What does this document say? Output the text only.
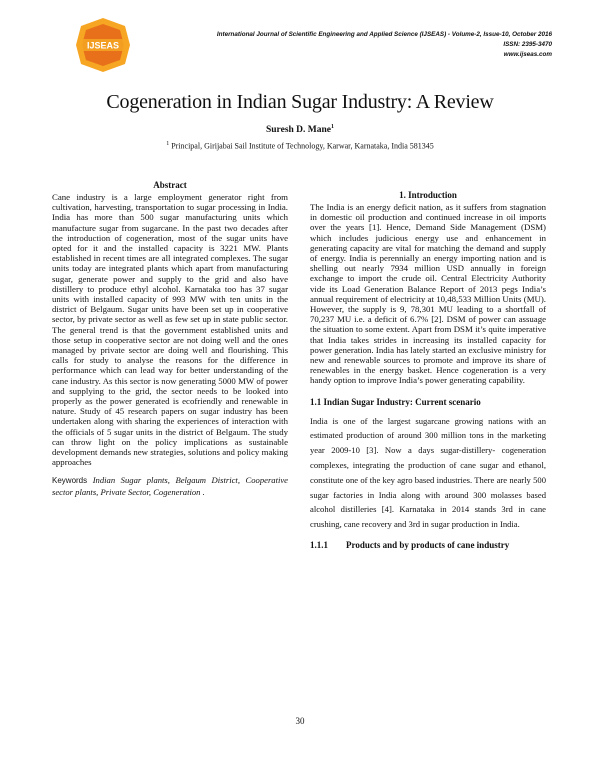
IJSEAS
International Journal of Scientific Engineering and Applied Science (IJSEAS) - Volume-2, Issue-10, October 2016
ISSN: 2395-3470
www.ijseas.com
Cogeneration in Indian Sugar Industry: A Review
Suresh D. Mane$^1$
$^1$ Principal, Girijabai Sail Institute of Technology, Karwar, Karnataka, India 581345
Abstract

Cane industry is a large employment generator right from cultivation, harvesting, transportation to sugar processing in India. India has more than 500 sugar manufacturing units which manufacture sugar from sugarcane. In the past two decades after the introduction of cogeneration, most of the sugar units have opted for it and the installed capacity is 3221 MW. Plants established in recent times are all integrated complexes. The sugar units today are integrated plants which apart from manufacturing sugar, generate power and supply to the grid and also have distillery to produce ethyl alcohol. Karnataka too has 37 sugar units with installed capacity of 993 MW with ten units in the district of Belgaum. Sugar units have been set up in cooperative sector, by private sector as well as few set up in state public sector. The general trend is that the government established units and those setup in cooperative sector are not doing well and the ones managed by private sector are doing well and flourishing. This calls for study to analyse the reasons for the difference in performance which can lead way for better understanding of the cane industry. As this sector is now generating 5000 MW of power and supplying to the grid, the sector needs to be looked into properly as the power generated is ecofriendly and renewable in nature. Study of 45 research papers on sugar industry has been undertaken along with sharing the experiences of interaction with the officials of 5 sugar units in the district of Belgaum. The study can throw light on the policy implications as sustainable development demands new strategies, solutions and policy making approaches

Keywords Indian Sugar plants, Belgaum District, Cooperative sector plants, Private Sector, Cogeneration .

1. Introduction

The India is an energy deficit nation, as it suffers from stagnation in domestic oil production and continued increase in oil imports over the years [1]. Hence, Demand Side Management (DSM) which includes judicious energy use and enhancement in generating capacity are vital for matching the demand and supply of energy. India is perennially an energy importing nation and is shelling out nearly 7934 million USD annually in foreign exchange to import the crude oil. Central Electricity Authority vide its Load Generation Balance Report of 2013 pegs India’s annual requirement of electricity at 10,48,533 Million Units (MU). However, the supply is 9, 78,301 MU leading to a shortfall of 70,237 MU i.e. a deficit of 6.7% [2]. DSM of power can assuage the situation to some extent. Apart from DSM it’s quite imperative that India takes strides in increasing its installed capacity for power generation. India has lately started an exclusive ministry for new and renewable sources to promote and improve its share of renewables in the energy basket. Hence cogeneration is a very handy option to improve India’s power generating capability.

1.1 Indian Sugar Industry: Current scenario

India is one of the largest sugarcane growing nations with an estimated production of around 300 million tons in the marketing year 2009-10 [3]. Now a days sugar-distillery- cogeneration complexes, integrating the production of cane sugar and ethanol, constitute one of the key agro based industries. There are nearly 500 sugar factories in India along with around 300 molasses based alcohol distilleries [4]. Karnataka in 2014 stands 3rd in cane crushing, cane recovery and 3rd in sugar production in India.

1.1.1 Products and by products of cane industry
30
